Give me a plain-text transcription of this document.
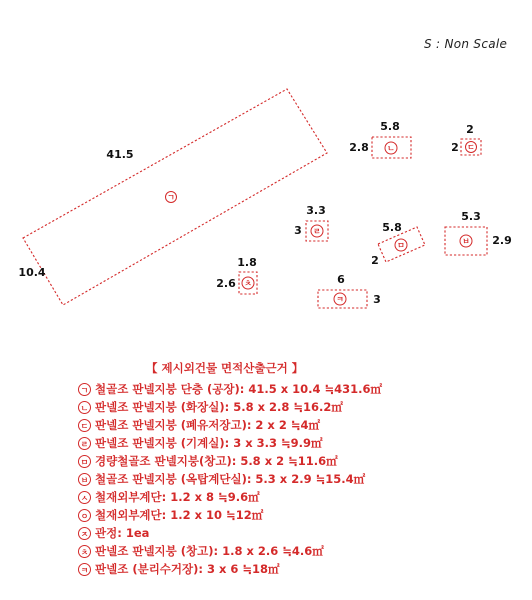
S : Non Scale
ㄱ
41.5
10.4
ㄴ
5.8
2.8	ㄷ
2
2
ㄹ
3.3
3
ㅁ
5.8
2
ㅂ
5.3
2.9
ㅊ
1.8
2.6
ㅋ
6
3
【 제시외건물 면적산출근거 】
ㄱ 철골조 판넬지붕 단층 (공장): 41.5 x 10.4 ≒431.6㎡
ㄴ 판넬조 판넬지붕 (화장실): 5.8 x 2.8 ≒16.2㎡
ㄷ 판넬조 판넬지붕 (폐유저장고): 2 x 2 ≒4㎡
ㄹ 판넬조 판넬지붕 (기계실): 3 x 3.3 ≒9.9㎡
ㅁ 경량철골조 판넬지붕(창고): 5.8 x 2 ≒11.6㎡
ㅂ 철골조 판넬지붕 (옥탑계단실): 5.3 x 2.9 ≒15.4㎡
ㅅ 철재외부계단: 1.2 x 8 ≒9.6㎡
ㅇ 철재외부계단: 1.2 x 10 ≒12㎡
ㅈ 관정: 1ea
ㅊ 판넬조 판넬지붕 (창고): 1.8 x 2.6 ≒4.6㎡
ㅋ 판넬조 (분리수거장): 3 x 6 ≒18㎡
